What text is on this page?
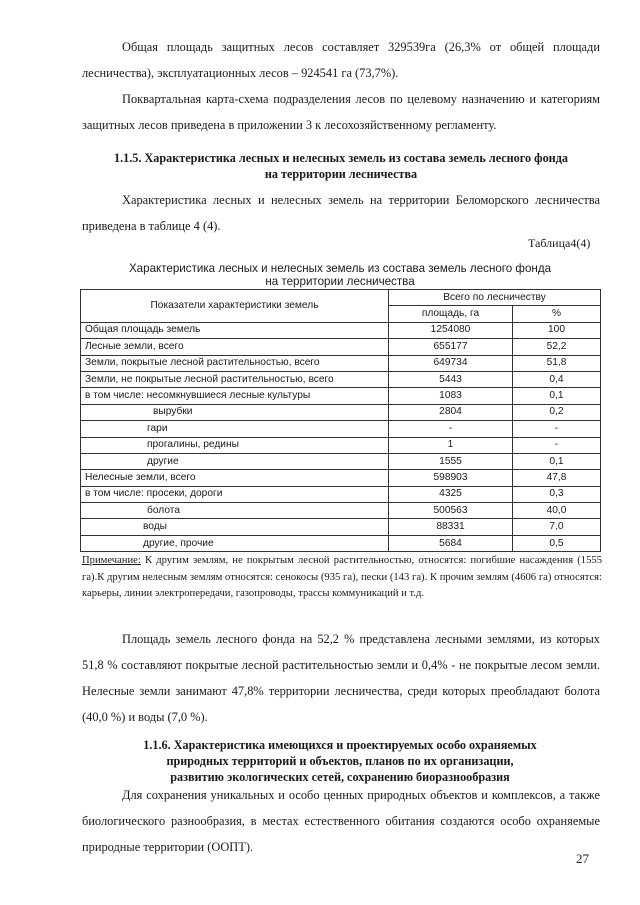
Общая площадь защитных лесов составляет 329539га (26,3% от общей площади лесничества), эксплуатационных лесов – 924541 га (73,7%).

Поквартальная карта-схема подразделения лесов по целевому назначению и категориям защитных лесов приведена в приложении 3 к лесохозяйственному регламенту.

1.1.5. Характеристика лесных и нелесных земель из состава земель лесного фонда
на территории лесничества

Характеристика лесных и нелесных земель на территории Беломорского лесничества приведена в таблице 4 (4).

Таблица4(4)
Характеристика лесных и нелесных земель из состава земель лесного фонда
на территории лесничества
Показатели характеристики земель	Всего по лесничеству	
	площадь, га	%
Общая площадь земель	1254080	100
Лесные земли, всего	655177	52,2
Земли, покрытые лесной растительностью, всего	649734	51,8
Земли, не покрытые лесной растительностью, всего	5443	0,4
в том числе: несомкнувшиеся лесные культуры	1083	0,1
вырубки	2804	0,2
гари	-	-
прогалины, редины	1	-
другие	1555	0,1
Нелесные земли, всего	598903	47,8
в том числе: просеки, дороги	4325	0,3
болота	500563	40,0
воды	88331	7,0
другие, прочие	5684	0,5

Примечание: К другим землям, не покрытым лесной растительностью, относятся: погибшие насаждения (1555 га).К другим нелесным землям относятся: сенокосы (935 га), пески (143 га). К прочим землям (4606 га) относятся: карьеры, линии электропередачи, газопроводы, трассы коммуникаций и т.д.

Площадь земель лесного фонда на 52,2 % представлена лесными землями, из которых 51,8 % составляют покрытые лесной растительностью земли и 0,4% - не покрытые лесом земли. Нелесные земли занимают 47,8% территории лесничества, среди которых преобладают болота (40,0 %) и воды (7,0 %).

1.1.6. Характеристика имеющихся и проектируемых особо охраняемых
природных территорий и объектов, планов по их организации,
развитию экологических сетей, сохранению биоразнообразия

Для сохранения уникальных и особо ценных природных объектов и комплексов, а также биологического разнообразия, в местах естественного обитания создаются особо охраняемые природные территории (ООПТ).

27
